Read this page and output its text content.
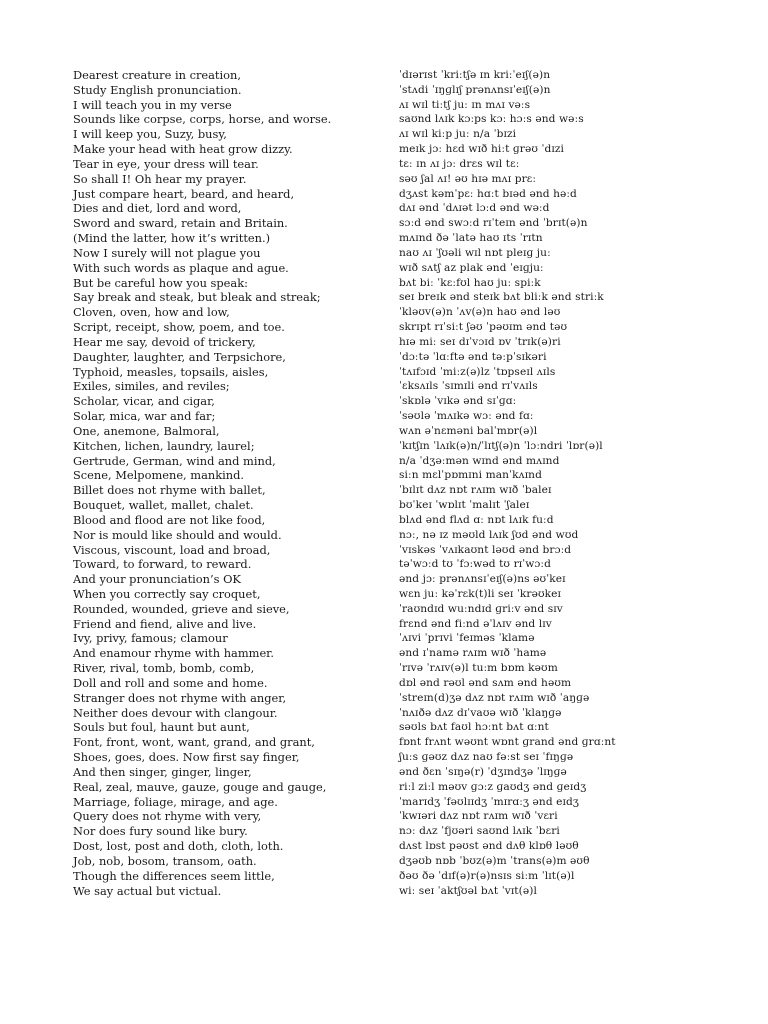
Dearest creature in creation,	ˈdɪərɪst ˈkriːtʃə ɪn kriːˈeɪʃ(ə)n
Study English pronunciation.	ˈstʌdi ˈɪŋɡlɪʃ prənʌnsɪˈeɪʃ(ə)n
I will teach you in my verse	ʌɪ wɪl tiːtʃ juː ɪn mʌɪ vəːs
Sounds like corpse, corps, horse, and worse.	saʊnd lʌɪk kɔːps kɔː hɔːs ənd wəːs
I will keep you, Suzy, busy,	ʌɪ wɪl kiːp juː n/a ˈbɪzi
Make your head with heat grow dizzy.	meɪk jɔː hɛd wɪð hiːt ɡrəʊ ˈdɪzi
Tear in eye, your dress will tear.	tɛː ɪn ʌɪ jɔː drɛs wɪl tɛː
So shall I! Oh hear my prayer.	səʊ ʃal ʌɪ! əʊ hɪə mʌɪ prɛː
Just compare heart, beard, and heard,	dʒʌst kəmˈpɛː hɑːt bɪəd ənd həːd
Dies and diet, lord and word,	dʌɪ ənd ˈdʌɪət lɔːd ənd wəːd
Sword and sward, retain and Britain.	sɔːd ənd swɔːd rɪˈteɪn ənd ˈbrɪt(ə)n
(Mind the latter, how it’s written.)	mʌɪnd ðə ˈlatə haʊ ɪts ˈrɪtn
Now I surely will not plague you	naʊ ʌɪ ˈʃʊəli wɪl nɒt pleɪɡ juː
With such words as plaque and ague.	wɪð sʌtʃ az plak ənd ˈeɪɡjuː
But be careful how you speak:	bʌt biː ˈkɛːfʊl haʊ juː spiːk
Say break and steak, but bleak and streak;	seɪ breɪk ənd steɪk bʌt bliːk ənd striːk
Cloven, oven, how and low,	ˈkləʊv(ə)n ˈʌv(ə)n haʊ ənd ləʊ
Script, receipt, show, poem, and toe.	skrɪpt rɪˈsiːt ʃəʊ ˈpəʊɪm ənd təʊ
Hear me say, devoid of trickery,	hɪə miː seɪ dɪˈvɔɪd ɒv ˈtrɪk(ə)ri
Daughter, laughter, and Terpsichore,	ˈdɔːtə ˈlɑːftə ənd təːpˈsɪkəri
Typhoid, measles, topsails, aisles,	ˈtʌɪfɔɪd ˈmiːz(ə)lz ˈtɒpseɪl ʌɪls
Exiles, similes, and reviles;	ˈɛksʌɪls ˈsɪmɪli ənd rɪˈvʌɪls
Scholar, vicar, and cigar,	ˈskɒlə ˈvɪkə ənd sɪˈɡɑː
Solar, mica, war and far;	ˈsəʊlə ˈmʌɪkə wɔː ənd fɑː
One, anemone, Balmoral,	wʌn əˈnɛməni balˈmɒr(ə)l
Kitchen, lichen, laundry, laurel;	ˈkɪtʃɪn ˈlʌɪk(ə)n/ˈlɪtʃ(ə)n ˈlɔːndri ˈlɒr(ə)l
Gertrude, German, wind and mind,	n/a ˈdʒəːmən wɪnd ənd mʌɪnd
Scene, Melpomene, mankind.	siːn mɛlˈpɒmɪni manˈkʌɪnd
Billet does not rhyme with ballet,	ˈbɪlɪt dʌz nɒt rʌɪm wɪð ˈbaleɪ
Bouquet, wallet, mallet, chalet.	bʊˈkeɪ ˈwɒlɪt ˈmalɪt ˈʃaleɪ
Blood and flood are not like food,	blʌd ənd flʌd ɑː nɒt lʌɪk fuːd
Nor is mould like should and would.	nɔː, nə ɪz məʊld lʌɪk ʃʊd ənd wʊd
Viscous, viscount, load and broad,	ˈvɪskəs ˈvʌɪkaʊnt ləʊd ənd brɔːd
Toward, to forward, to reward.	təˈwɔːd tʊ ˈfɔːwəd tʊ rɪˈwɔːd
And your pronunciation’s OK	ənd jɔː prənʌnsɪˈeɪʃ(ə)ns əʊˈkeɪ
When you correctly say croquet,	wɛn juː kəˈrɛk(t)li seɪ ˈkrəʊkeɪ
Rounded, wounded, grieve and sieve,	ˈraʊndɪd wuːndɪd ɡriːv ənd sɪv
Friend and fiend, alive and live.	frɛnd ənd fiːnd əˈlʌɪv ənd lɪv
Ivy, privy, famous; clamour	ˈʌɪvi ˈprɪvi ˈfeɪməs ˈklamə
And enamour rhyme with hammer.	ənd ɪˈnamə rʌɪm wɪð ˈhamə
River, rival, tomb, bomb, comb,	ˈrɪvə ˈrʌɪv(ə)l tuːm bɒm kəʊm
Doll and roll and some and home.	dɒl ənd rəʊl ənd sʌm ənd həʊm
Stranger does not rhyme with anger,	ˈstreɪn(d)ʒə dʌz nɒt rʌɪm wɪð ˈaŋɡə
Neither does devour with clangour.	ˈnʌɪðə dʌz dɪˈvaʊə wɪð ˈklaŋɡə
Souls but foul, haunt but aunt,	səʊls bʌt faʊl hɔːnt bʌt ɑːnt
Font, front, wont, want, grand, and grant,	fɒnt frʌnt wəʊnt wɒnt ɡrand ənd ɡrɑːnt
Shoes, goes, does. Now first say finger,	ʃuːs ɡəʊz dʌz naʊ fəːst seɪ ˈfɪŋɡə
And then singer, ginger, linger,	ənd ðɛn ˈsɪŋə(r) ˈdʒɪndʒə ˈlɪŋɡə
Real, zeal, mauve, gauze, gouge and gauge,	riːl ziːl məʊv ɡɔːz ɡaʊdʒ ənd ɡeɪdʒ
Marriage, foliage, mirage, and age.	ˈmarɪdʒ ˈfəʊlɪɪdʒ ˈmɪrɑːʒ ənd eɪdʒ
Query does not rhyme with very,	ˈkwɪəri dʌz nɒt rʌɪm wɪð ˈvɛri
Nor does fury sound like bury.	nɔː dʌz ˈfjʊəri saʊnd lʌɪk ˈbɛri
Dost, lost, post and doth, cloth, loth.	dʌst lɒst pəʊst ənd dʌθ klɒθ ləʊθ
Job, nob, bosom, transom, oath.	dʒəʊb nɒb ˈbʊz(ə)m ˈtrans(ə)m əʊθ
Though the differences seem little,	ðəʊ ðə ˈdɪf(ə)r(ə)nsɪs siːm ˈlɪt(ə)l
We say actual but victual.	wiː seɪ ˈaktʃʊəl bʌt ˈvɪt(ə)l
